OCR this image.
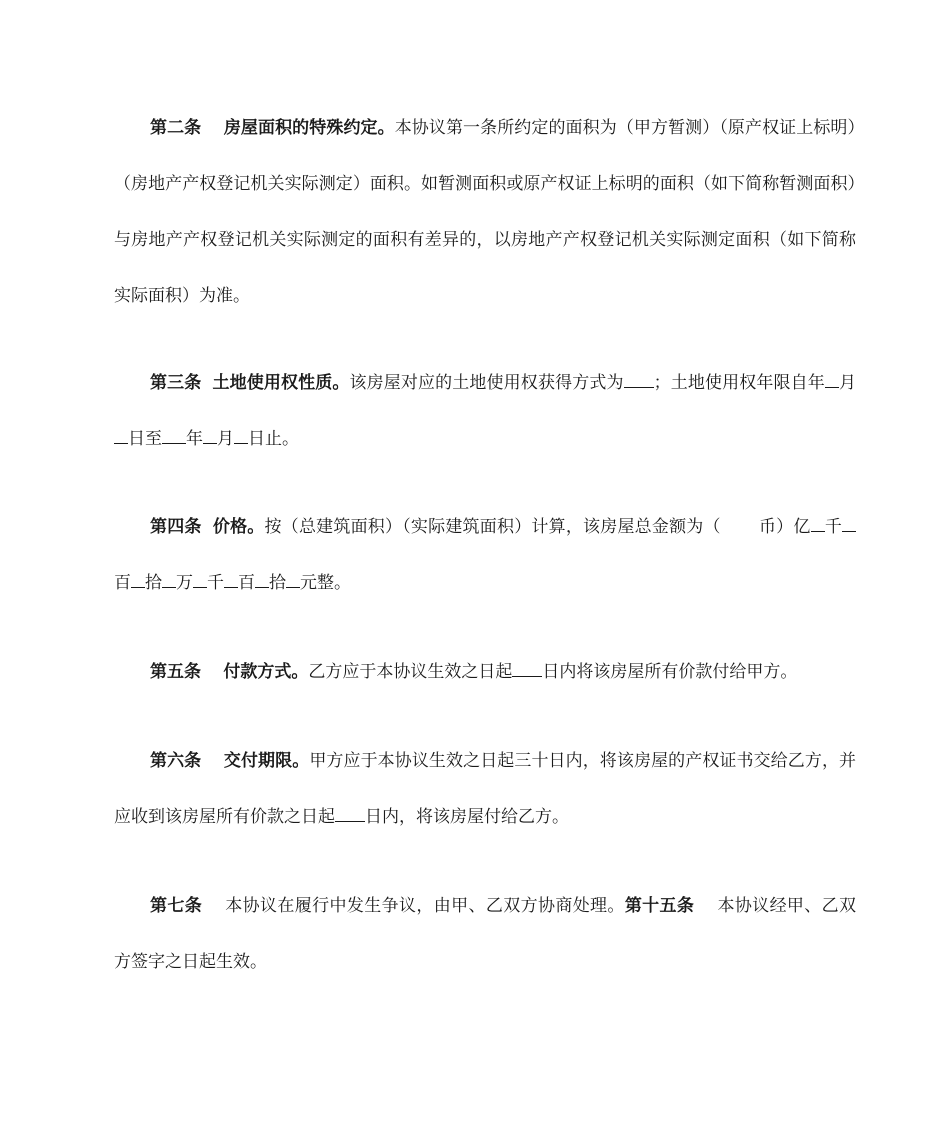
第二条　 房屋面积的特殊约定。本协议第一条所约定的面积为（甲方暂测）（原产权证上标明）（房地产产权登记机关实际测定）面积。如暂测面积或原产权证上标明的面积（如下简称暂测面积）与房地产产权登记机关实际测定的面积有差异的，以房地产产权登记机关实际测定面积（如下简称实际面积）为准。

第三条 土地使用权性质。该房屋对应的土地使用权获得方式为 ；土地使用权年限自年 月日至 年 月 日止。

第四条 价格。按（总建筑面积）（实际建筑面积）计算，该房屋总金额为（ 币）亿 千百 拾 万 千 百 拾 元整。

第五条　 付款方式。乙方应于本协议生效之日起 日内将该房屋所有价款付给甲方。

第六条　 交付期限。甲方应于本协议生效之日起三十日内，将该房屋的产权证书交给乙方，并应收到该房屋所有价款之日起 日内，将该房屋付给乙方。

第七条　 本协议在履行中发生争议，由甲、乙双方协商处理。第十五条　 本协议经甲、乙双方签字之日起生效。
